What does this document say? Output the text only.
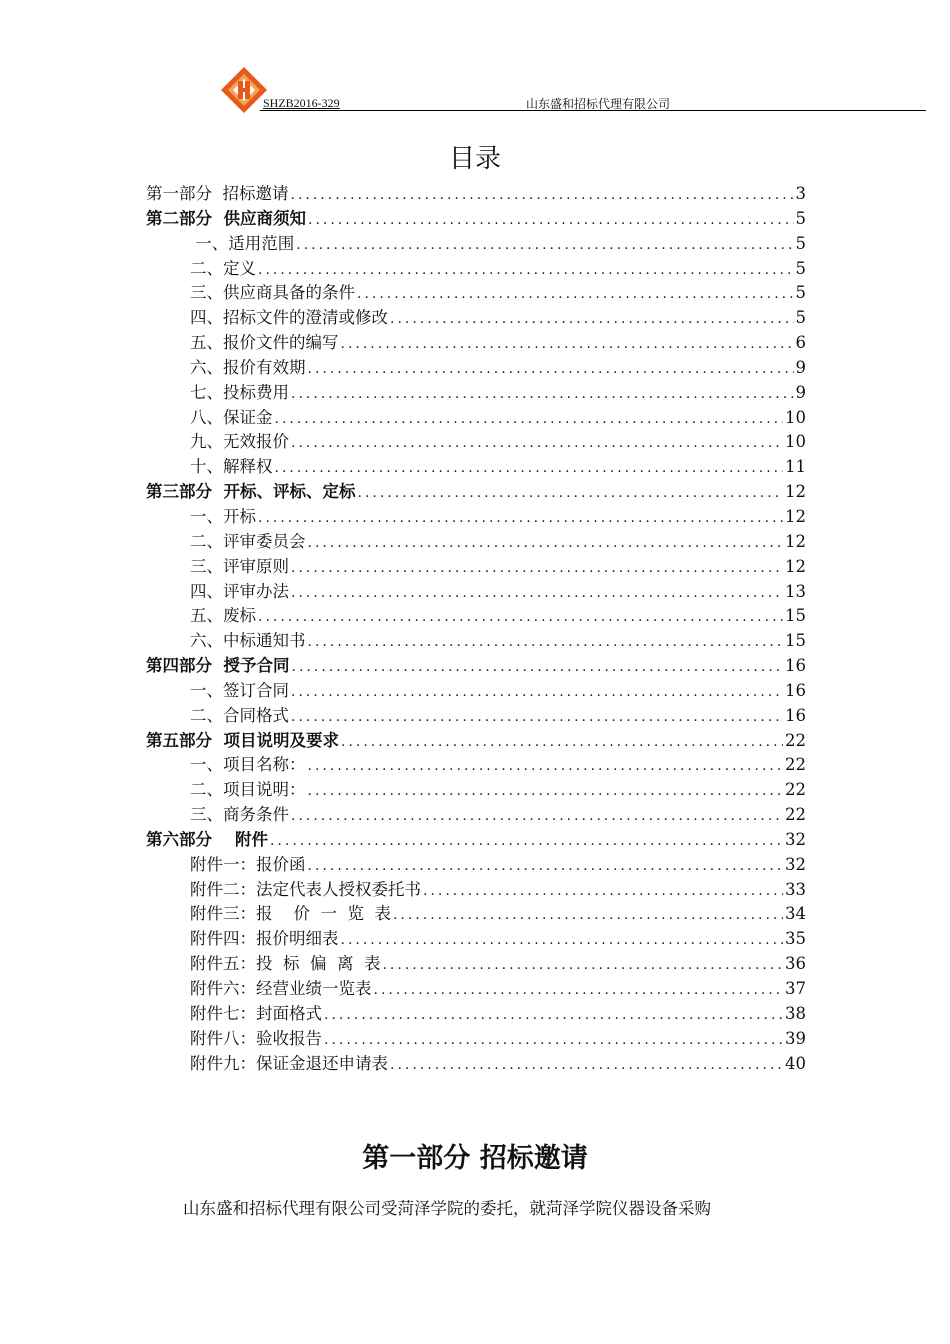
SHZB2016-329	山东盛和招标代理有限公司
目录
第一部分  招标邀请 .....	3
第二部分  供应商须知 .....	5
一、适用范围 .....	5
二、定义 .....	5
三、供应商具备的条件 .....	5
四、招标文件的澄清或修改 .....	5
五、报价文件的编写 .....	6
六、报价有效期 .....	9
七、投标费用 .....	9
八、保证金 .....	10
九、无效报价 .....	10
十、解释权 .....	11
第三部分  开标、评标、定标 .....	12
一、开标 .....	12
二、评审委员会 .....	12
三、评审原则 .....	12
四、评审办法 .....	13
五、废标 .....	15
六、中标通知书 .....	15
第四部分  授予合同 .....	16
一、签订合同 .....	16
二、合同格式 .....	16
第五部分  项目说明及要求 .....	22
一、项目名称： .....	22
二、项目说明： .....	22
三、商务条件 .....	22
第六部分    附件 .....	32
附件一：报价函 .....	32
附件二：法定代表人授权委托书 .....	33
附件三：报    价  一  览  表 .....	34
附件四：报价明细表 .....	35
附件五：投  标  偏  离  表 .....	36
附件六：经营业绩一览表 .....	37
附件七：封面格式 .....	38
附件八：验收报告 .....	39
附件九：保证金退还申请表 .....	40
第一部分 招标邀请
山东盛和招标代理有限公司受菏泽学院的委托，就菏泽学院仪器设备采购
